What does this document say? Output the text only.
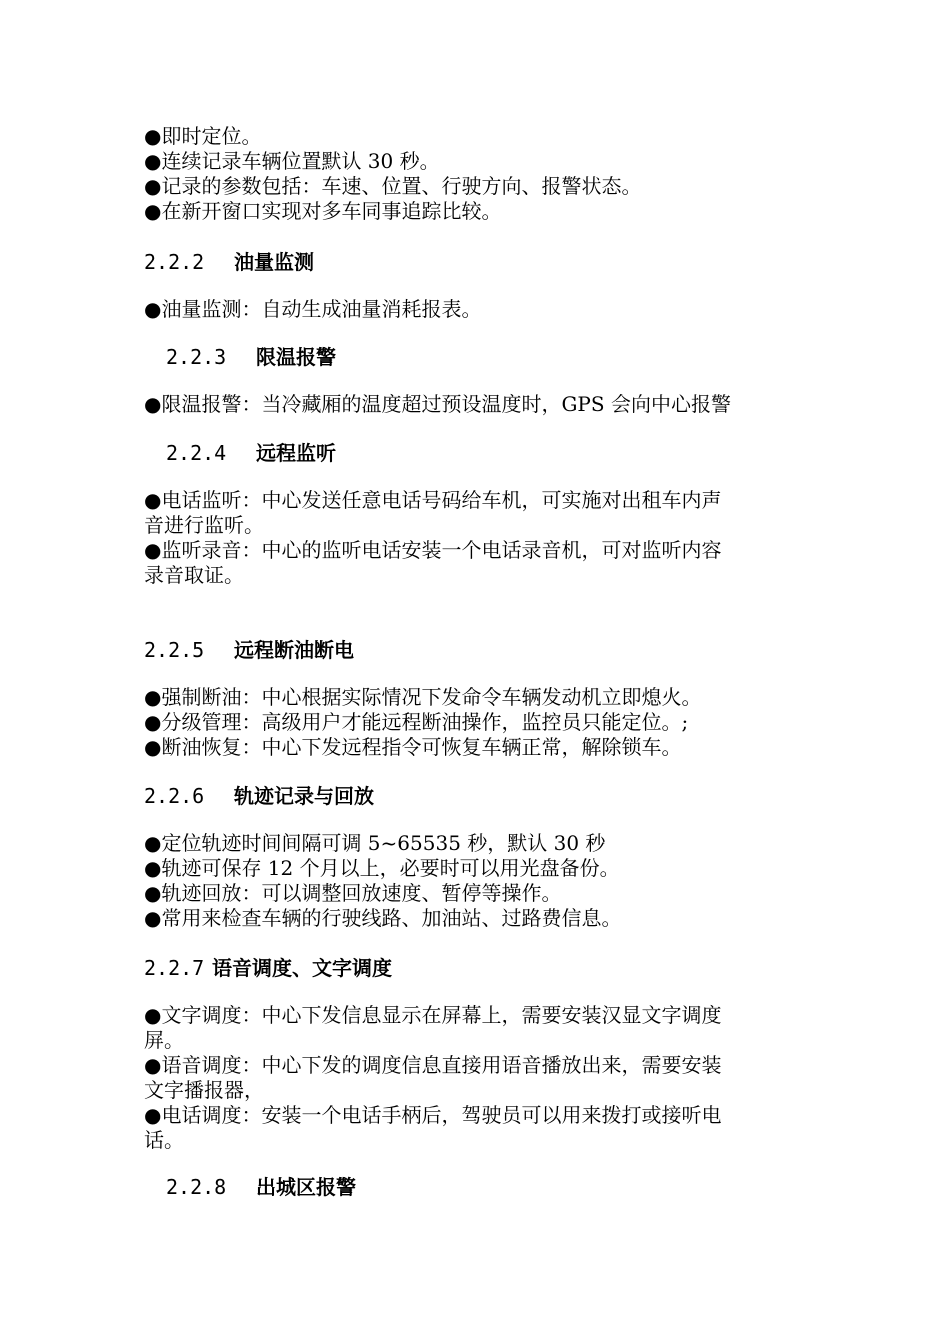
●即时定位。
●连续记录车辆位置默认 30 秒。
●记录的参数包括：车速、位置、行驶方向、报警状态。
●在新开窗口实现对多车同事追踪比较。
2.2.2 油量监测
●油量监测：自动生成油量消耗报表。
2.2.3 限温报警
●限温报警：当冷藏厢的温度超过预设温度时，GPS 会向中心报警
2.2.4 远程监听
●电话监听：中心发送任意电话号码给车机，可实施对出租车内声
音进行监听。
●监听录音：中心的监听电话安装一个电话录音机，可对监听内容
录音取证。
2.2.5 远程断油断电
●强制断油：中心根据实际情况下发命令车辆发动机立即熄火。
●分级管理：高级用户才能远程断油操作，监控员只能定位。;
●断油恢复：中心下发远程指令可恢复车辆正常，解除锁车。
2.2.6 轨迹记录与回放
●定位轨迹时间间隔可调 5~65535 秒，默认 30 秒
●轨迹可保存 12 个月以上，必要时可以用光盘备份。
●轨迹回放：可以调整回放速度、暂停等操作。
●常用来检查车辆的行驶线路、加油站、过路费信息。
2.2.7 语音调度、文字调度
●文字调度：中心下发信息显示在屏幕上，需要安装汉显文字调度
屏。
●语音调度：中心下发的调度信息直接用语音播放出来，需要安装
文字播报器，
●电话调度：安装一个电话手柄后，驾驶员可以用来拨打或接听电
话。
2.2.8 出城区报警
